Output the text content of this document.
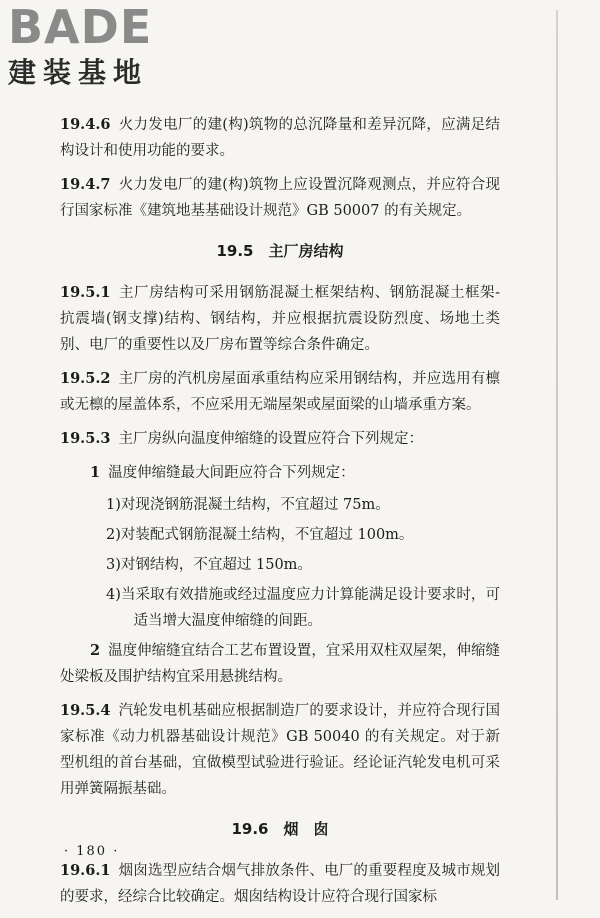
BADE
建装基地

19.4.6 火力发电厂的建(构)筑物的总沉降量和差异沉降，应满足结构设计和使用功能的要求。

19.4.7 火力发电厂的建(构)筑物上应设置沉降观测点，并应符合现行国家标准《建筑地基基础设计规范》GB 50007 的有关规定。

19.5　主厂房结构

19.5.1 主厂房结构可采用钢筋混凝土框架结构、钢筋混凝土框架-抗震墙(钢支撑)结构、钢结构，并应根据抗震设防烈度、场地土类别、电厂的重要性以及厂房布置等综合条件确定。

19.5.2 主厂房的汽机房屋面承重结构应采用钢结构，并应选用有檩或无檩的屋盖体系，不应采用无端屋架或屋面梁的山墙承重方案。

19.5.3 主厂房纵向温度伸缩缝的设置应符合下列规定：

1 温度伸缩缝最大间距应符合下列规定：

1)对现浇钢筋混凝土结构，不宜超过 75m。

2)对装配式钢筋混凝土结构，不宜超过 100m。

3)对钢结构，不宜超过 150m。

4)当采取有效措施或经过温度应力计算能满足设计要求时，可适当增大温度伸缩缝的间距。

2 温度伸缩缝宜结合工艺布置设置，宜采用双柱双屋架，伸缩缝处梁板及围护结构宜采用悬挑结构。

19.5.4 汽轮发电机基础应根据制造厂的要求设计，并应符合现行国家标准《动力机器基础设计规范》GB 50040 的有关规定。对于新型机组的首台基础，宜做模型试验进行验证。经论证汽轮发电机可采用弹簧隔振基础。

19.6　烟　囱

19.6.1 烟囱选型应结合烟气排放条件、电厂的重要程度及城市规划的要求，经综合比较确定。烟囱结构设计应符合现行国家标

· 180 ·
